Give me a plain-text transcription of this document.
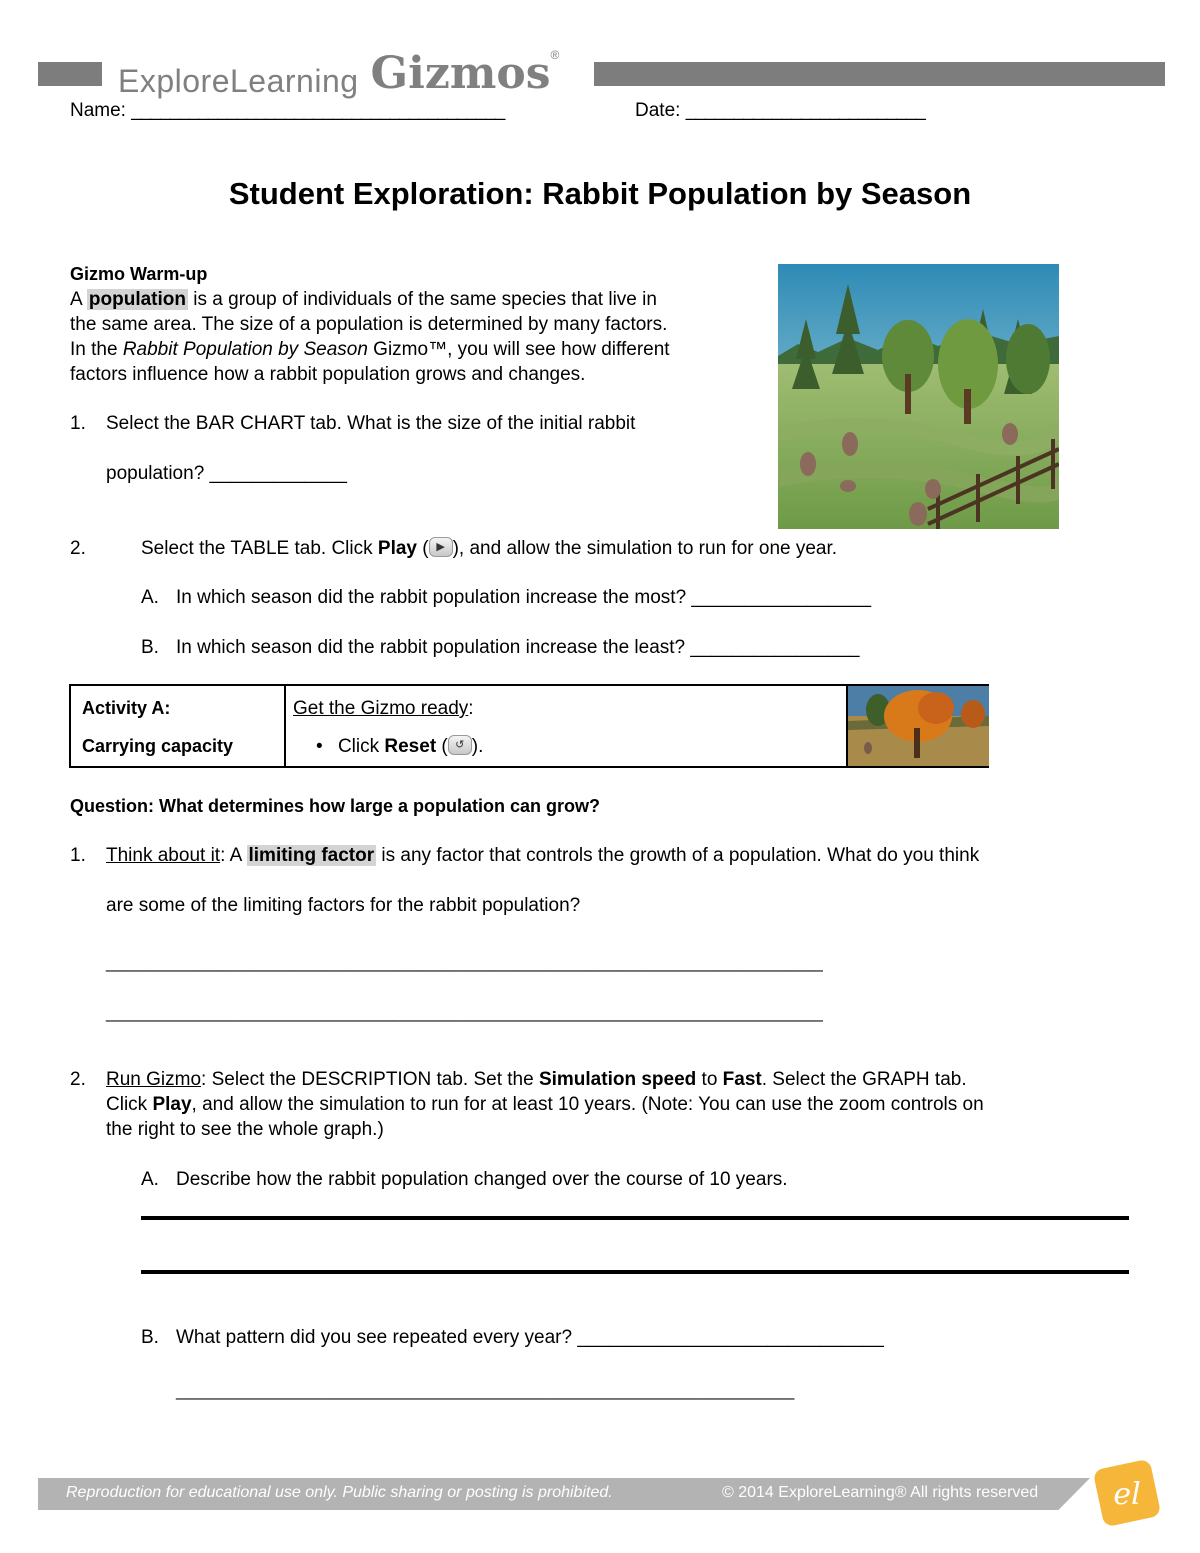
ExploreLearning Gizmos ®
Name: _______________________________________	Date: _________________________
Student Exploration: Rabbit Population by Season
Gizmo Warm-up
A population is a group of individuals of the same species that live in
the same area. The size of a population is determined by many factors.
In the Rabbit Population by Season Gizmo™, you will see how different
factors influence how a rabbit population grows and changes.
1. Select the BAR CHART tab. What is the size of the initial rabbit
population? _____________
2.	Select the TABLE tab. Click Play ( ▶ ), and allow the simulation to run for one year.
A. In which season did the rabbit population increase the most? _________________
B. In which season did the rabbit population increase the least? ________________
Activity A:
Carrying capacity
Get the Gizmo ready:
• Click Reset ( ↺ ).
Question: What determines how large a population can grow?
1. Think about it: A limiting factor is any factor that controls the growth of a population. What do you think
are some of the limiting factors for the rabbit population?
________________________________________________________________________________
________________________________________________________________________________
2. Run Gizmo: Select the DESCRIPTION tab. Set the Simulation speed to Fast. Select the GRAPH tab.
Click Play, and allow the simulation to run for at least 10 years. (Note: You can use the zoom controls on
the right to see the whole graph.)
A. Describe how the rabbit population changed over the course of 10 years.
B. What pattern did you see repeated every year? _____________________________
_____________________________________________________________________
Reproduction for educational use only. Public sharing or posting is prohibited.	© 2014 ExploreLearning® All rights reserved	el
